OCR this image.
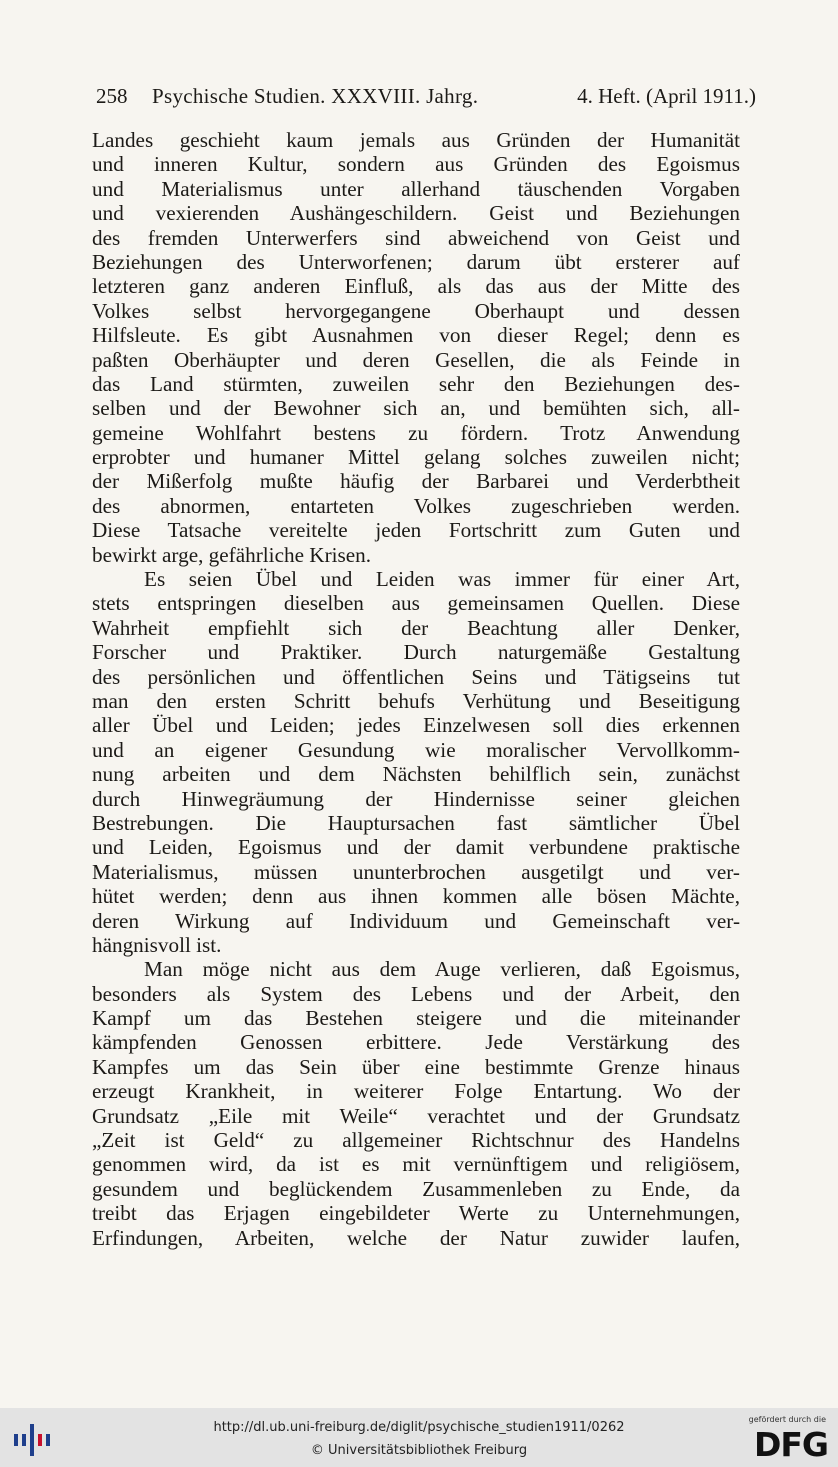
258 Psychische Studien. XXXVIII. Jahrg.	4. Heft. (April 1911.)
Landes geschieht kaum jemals aus Gründen der Humanität
und inneren Kultur, sondern aus Gründen des Egoismus
und Materialismus unter allerhand täuschenden Vorgaben
und vexierenden Aushängeschildern. Geist und Beziehungen
des fremden Unterwerfers sind abweichend von Geist und
Beziehungen des Unterworfenen; darum übt ersterer auf
letzteren ganz anderen Einfluß, als das aus der Mitte des
Volkes selbst hervorgegangene Oberhaupt und dessen
Hilfsleute. Es gibt Ausnahmen von dieser Regel; denn es
paßten Oberhäupter und deren Gesellen, die als Feinde in
das Land stürmten, zuweilen sehr den Beziehungen des-
selben und der Bewohner sich an, und bemühten sich, all-
gemeine Wohlfahrt bestens zu fördern. Trotz Anwendung
erprobter und humaner Mittel gelang solches zuweilen nicht;
der Mißerfolg mußte häufig der Barbarei und Verderbtheit
des abnormen, entarteten Volkes zugeschrieben werden.
Diese Tatsache vereitelte jeden Fortschritt zum Guten und
bewirkt arge, gefährliche Krisen.
Es seien Übel und Leiden was immer für einer Art,
stets entspringen dieselben aus gemeinsamen Quellen. Diese
Wahrheit empfiehlt sich der Beachtung aller Denker,
Forscher und Praktiker. Durch naturgemäße Gestaltung
des persönlichen und öffentlichen Seins und Tätigseins tut
man den ersten Schritt behufs Verhütung und Beseitigung
aller Übel und Leiden; jedes Einzelwesen soll dies erkennen
und an eigener Gesundung wie moralischer Vervollkomm-
nung arbeiten und dem Nächsten behilflich sein, zunächst
durch Hinwegräumung der Hindernisse seiner gleichen
Bestrebungen. Die Hauptursachen fast sämtlicher Übel
und Leiden, Egoismus und der damit verbundene praktische
Materialismus, müssen ununterbrochen ausgetilgt und ver-
hütet werden; denn aus ihnen kommen alle bösen Mächte,
deren Wirkung auf Individuum und Gemeinschaft ver-
hängnisvoll ist.
Man möge nicht aus dem Auge verlieren, daß Egoismus,
besonders als System des Lebens und der Arbeit, den
Kampf um das Bestehen steigere und die miteinander
kämpfenden Genossen erbittere. Jede Verstärkung des
Kampfes um das Sein über eine bestimmte Grenze hinaus
erzeugt Krankheit, in weiterer Folge Entartung. Wo der
Grundsatz „Eile mit Weile“ verachtet und der Grundsatz
„Zeit ist Geld“ zu allgemeiner Richtschnur des Handelns
genommen wird, da ist es mit vernünftigem und religiösem,
gesundem und beglückendem Zusammenleben zu Ende, da
treibt das Erjagen eingebildeter Werte zu Unternehmungen,
Erfindungen, Arbeiten, welche der Natur zuwider laufen,
http://dl.ub.uni-freiburg.de/diglit/psychische_studien1911/0262
© Universitätsbibliothek Freiburg
gefördert durch die
DFG
